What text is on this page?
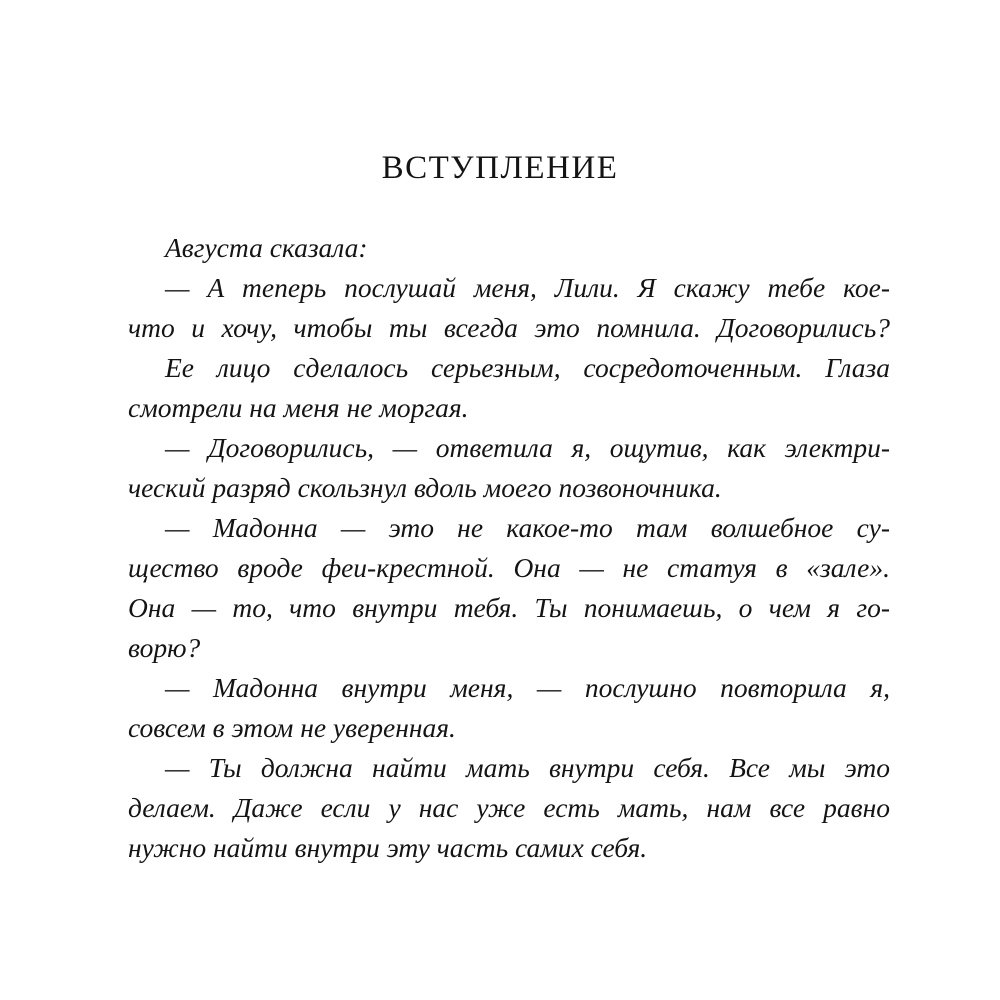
ВСТУПЛЕНИЕ

Августа сказала:

— А теперь послушай меня, Лили. Я скажу тебе кое-

что и хочу, чтобы ты всегда это помнила. Договорились?

Ее лицо сделалось серьезным, сосредоточенным. Глаза

смотрели на меня не моргая.

— Договорились, — ответила я, ощутив, как электри-

ческий разряд скользнул вдоль моего позвоночника.

— Мадонна — это не какое-то там волшебное су-

щество вроде феи-крестной. Она — не статуя в «зале».

Она — то, что внутри тебя. Ты понимаешь, о чем я го-

ворю?

— Мадонна внутри меня, — послушно повторила я,

совсем в этом не уверенная.

— Ты должна найти мать внутри себя. Все мы это

делаем. Даже если у нас уже есть мать, нам все равно

нужно найти внутри эту часть самих себя.
